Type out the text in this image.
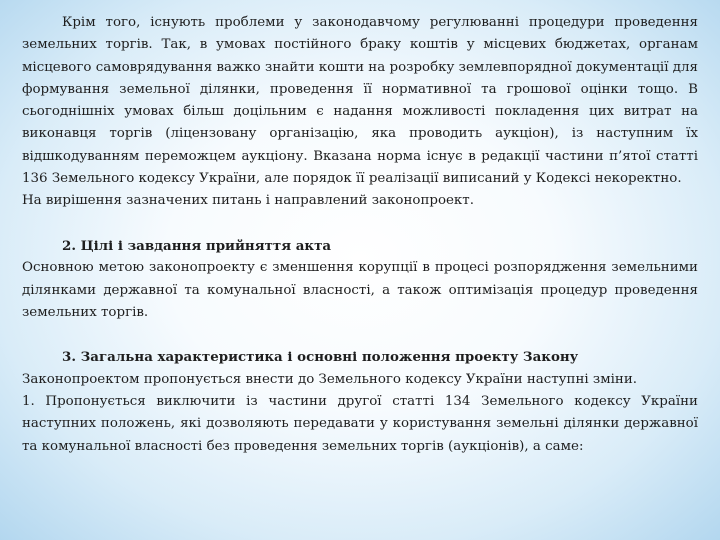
Крім того, існують проблеми у законодавчому регулюванні процедури проведення земельних торгів. Так, в умовах постійного браку коштів у місцевих бюджетах, органам місцевого самоврядування важко знайти кошти на розробку землевпорядної документації для формування земельної ділянки, проведення її нормативної та грошової оцінки тощо. В сьогоднішніх умовах більш доцільним є надання можливості покладення цих витрат на виконавця торгів (ліцензовану організацію, яка проводить аукціон), із наступним їх відшкодуванням переможцем аукціону. Вказана норма існує в редакції частини п’ятої статті 136 Земельного кодексу України, але порядок її реалізації виписаний у Кодексі некоректно.

На вирішення зазначених питань і направлений законопроект.

2. Цілі і завдання прийняття акта

Основною метою законопроекту є зменшення корупції в процесі розпорядження земельними ділянками державної та комунальної власності, а також оптимізація процедур проведення земельних торгів.

3. Загальна характеристика і основні положення проекту Закону

Законопроектом пропонується внести до Земельного кодексу України наступні зміни.

1. Пропонується виключити із частини другої статті 134 Земельного кодексу України наступних положень, які дозволяють передавати у користування земельні ділянки державної та комунальної власності без проведення земельних торгів (аукціонів), а саме:
